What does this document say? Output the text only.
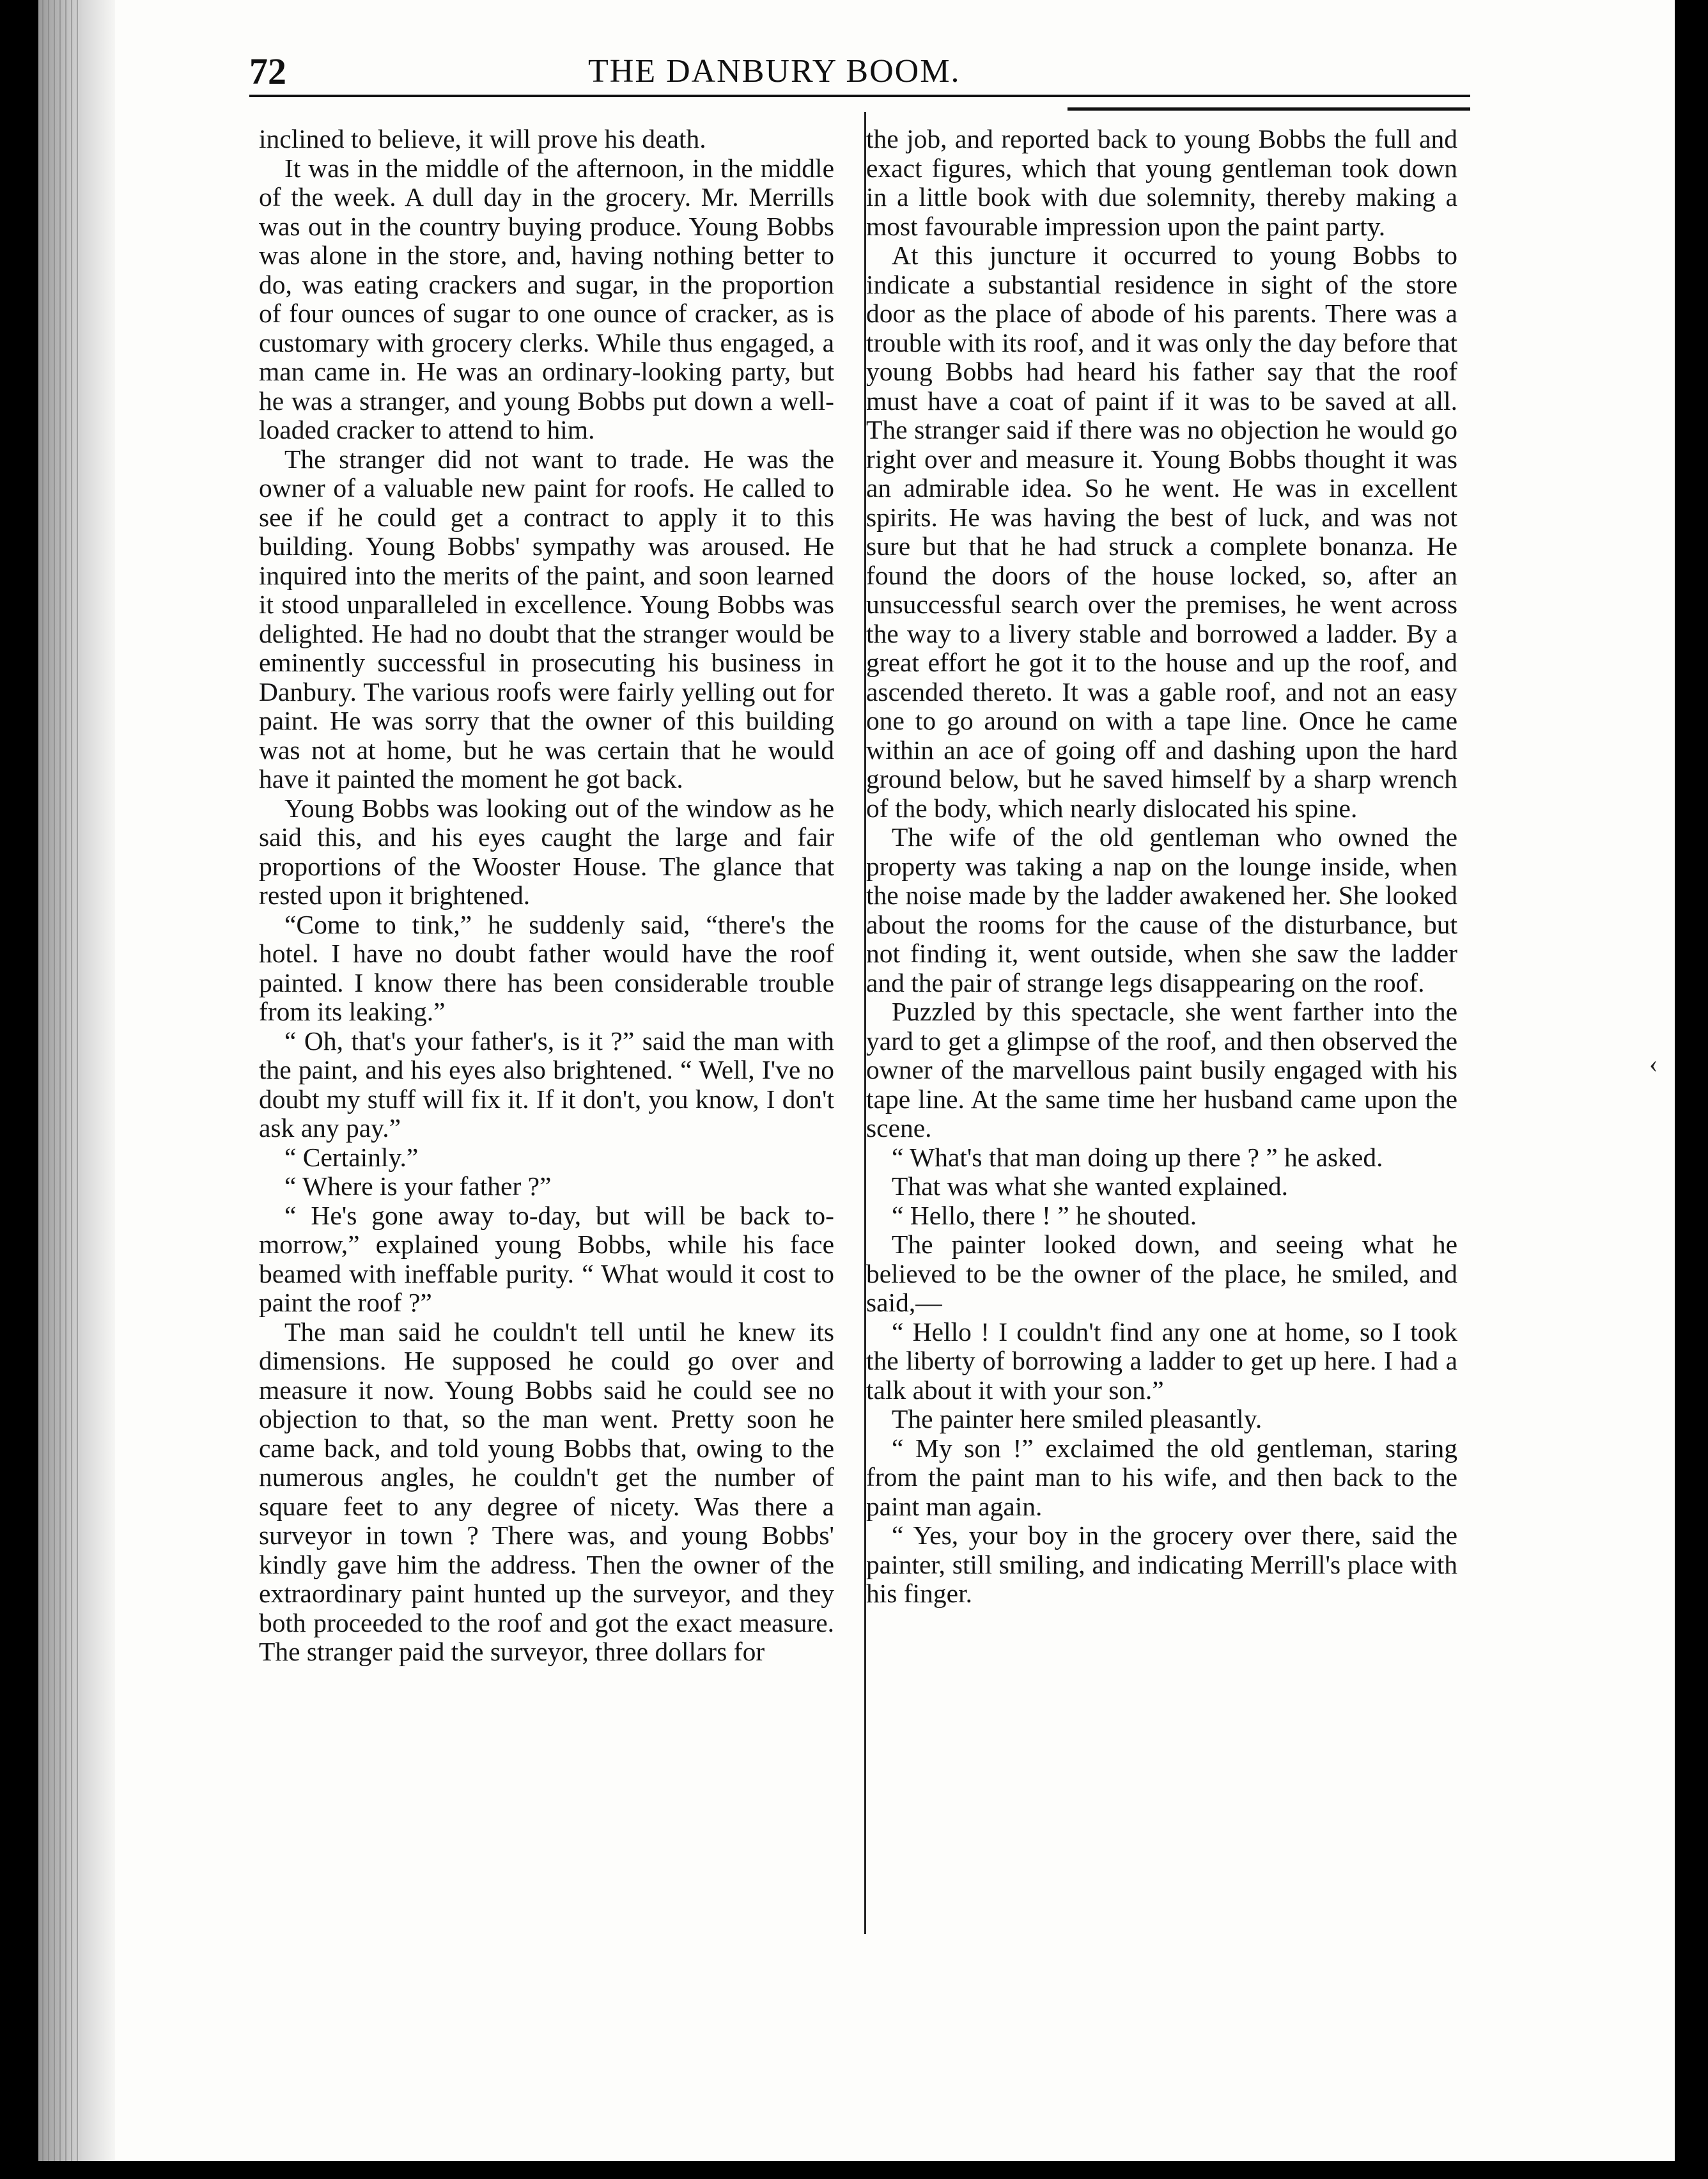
72	THE DANBURY BOOM.

inclined to believe, it will prove his death.

It was in the middle of the afternoon, in the middle of the week. A dull day in the grocery. Mr. Merrills was out in the country buying produce. Young Bobbs was alone in the store, and, having nothing better to do, was eating crackers and sugar, in the proportion of four ounces of sugar to one ounce of cracker, as is customary with grocery clerks. While thus engaged, a man came in. He was an ordinary-looking party, but he was a stranger, and young Bobbs put down a well-loaded cracker to attend to him.

The stranger did not want to trade. He was the owner of a valuable new paint for roofs. He called to see if he could get a contract to apply it to this building. Young Bobbs' sympathy was aroused. He inquired into the merits of the paint, and soon learned it stood unparalleled in excellence. Young Bobbs was delighted. He had no doubt that the stranger would be eminently successful in prosecuting his business in Danbury. The various roofs were fairly yelling out for paint. He was sorry that the owner of this building was not at home, but he was certain that he would have it painted the moment he got back.

Young Bobbs was looking out of the window as he said this, and his eyes caught the large and fair proportions of the Wooster House. The glance that rested upon it brightened.

“Come to tink,” he suddenly said, “there's the hotel. I have no doubt father would have the roof painted. I know there has been considerable trouble from its leaking.”

“ Oh, that's your father's, is it ?” said the man with the paint, and his eyes also brightened. “ Well, I've no doubt my stuff will fix it. If it don't, you know, I don't ask any pay.”

“ Certainly.”

“ Where is your father ?”

“ He's gone away to-day, but will be back to-morrow,” explained young Bobbs, while his face beamed with ineffable purity. “ What would it cost to paint the roof ?”

The man said he couldn't tell until he knew its dimensions. He supposed he could go over and measure it now. Young Bobbs said he could see no objection to that, so the man went. Pretty soon he came back, and told young Bobbs that, owing to the numerous angles, he couldn't get the number of square feet to any degree of nicety. Was there a surveyor in town ? There was, and young Bobbs' kindly gave him the address. Then the owner of the extraordinary paint hunted up the surveyor, and they both proceeded to the roof and got the exact measure. The stranger paid the surveyor, three dollars for

the job, and reported back to young Bobbs the full and exact figures, which that young gentleman took down in a little book with due solemnity, thereby making a most favourable impression upon the paint party.

At this juncture it occurred to young Bobbs to indicate a substantial residence in sight of the store door as the place of abode of his parents. There was a trouble with its roof, and it was only the day before that young Bobbs had heard his father say that the roof must have a coat of paint if it was to be saved at all. The stranger said if there was no objection he would go right over and measure it. Young Bobbs thought it was an admirable idea. So he went. He was in excellent spirits. He was having the best of luck, and was not sure but that he had struck a complete bonanza. He found the doors of the house locked, so, after an unsuccessful search over the premises, he went across the way to a livery stable and borrowed a ladder. By a great effort he got it to the house and up the roof, and ascended thereto. It was a gable roof, and not an easy one to go around on with a tape line. Once he came within an ace of going off and dashing upon the hard ground below, but he saved himself by a sharp wrench of the body, which nearly dislocated his spine.

The wife of the old gentleman who owned the property was taking a nap on the lounge inside, when the noise made by the ladder awakened her. She looked about the rooms for the cause of the disturbance, but not finding it, went outside, when she saw the ladder and the pair of strange legs disappearing on the roof.

Puzzled by this spectacle, she went farther into the yard to get a glimpse of the roof, and then observed the owner of the marvellous paint busily engaged with his tape line. At the same time her husband came upon the scene.

“ What's that man doing up there ? ” he asked.

That was what she wanted explained.

“ Hello, there ! ” he shouted.

The painter looked down, and seeing what he believed to be the owner of the place, he smiled, and said,—

“ Hello ! I couldn't find any one at home, so I took the liberty of borrowing a ladder to get up here. I had a talk about it with your son.”

The painter here smiled pleasantly.

“ My son !” exclaimed the old gentleman, staring from the paint man to his wife, and then back to the paint man again.

“ Yes, your boy in the grocery over there, said the painter, still smiling, and indicating Merrill's place with his finger.

‹
